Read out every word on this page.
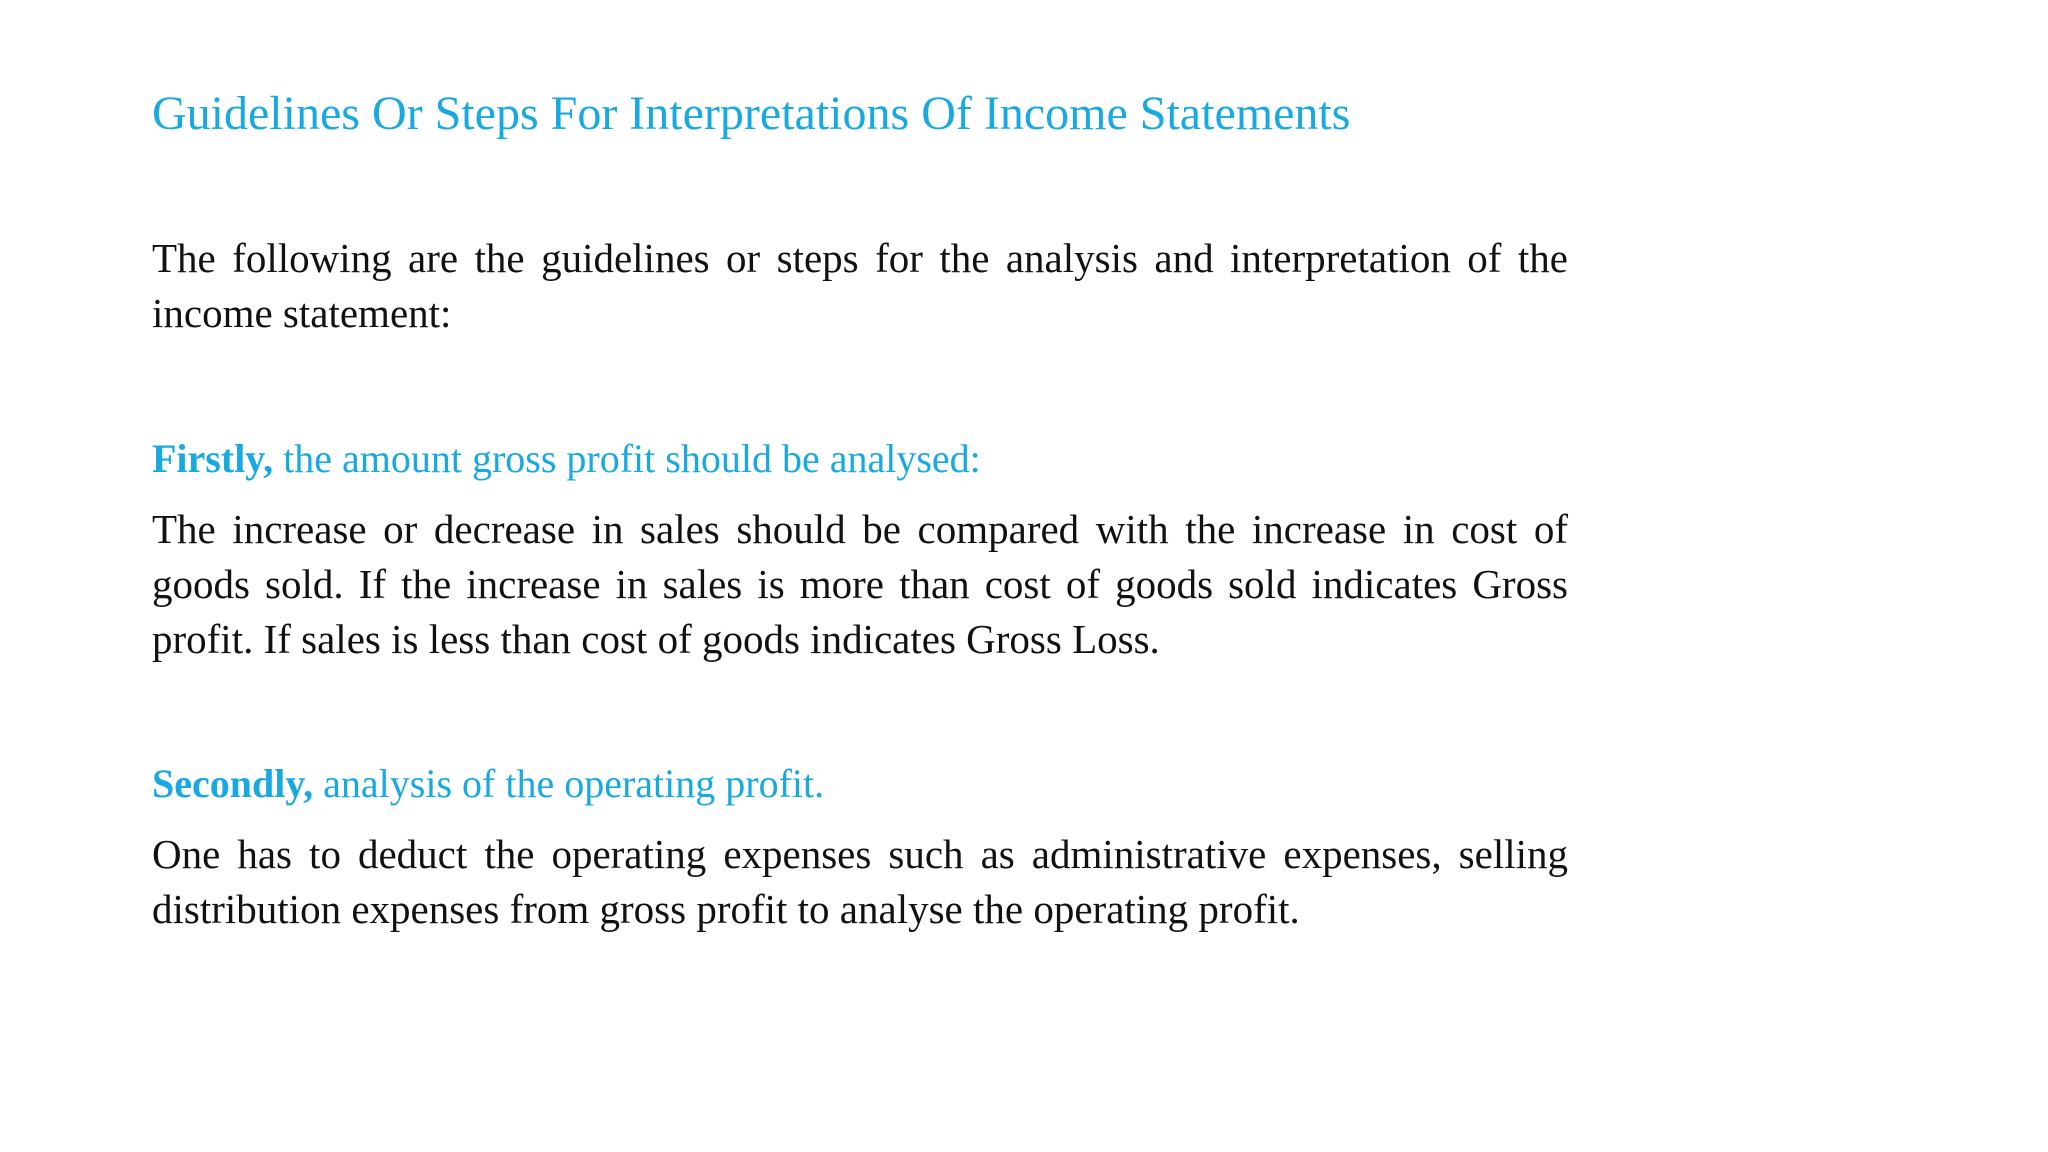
Guidelines Or Steps For Interpretations Of Income Statements

The following are the guidelines or steps for the analysis and interpretation of the income statement:

Firstly, the amount gross profit should be analysed:

The increase or decrease in sales should be compared with the increase in cost of goods sold. If the increase in sales is more than cost of goods sold indicates Gross profit. If sales is less than cost of goods indicates Gross Loss.

Secondly, analysis of the operating profit.

One has to deduct the operating expenses such as administrative expenses, selling distribution expenses from gross profit to analyse the operating profit.
